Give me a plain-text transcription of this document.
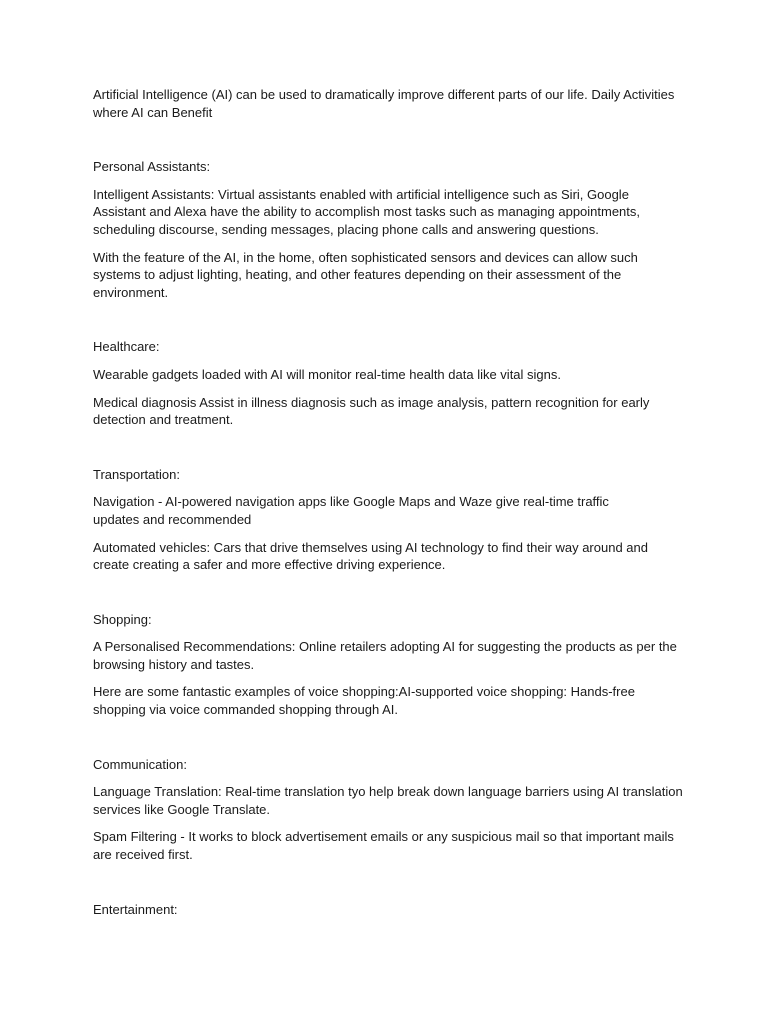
Artificial Intelligence (AI) can be used to dramatically improve different parts of our life. Daily Activities where AI can Benefit

Personal Assistants:

Intelligent Assistants: Virtual assistants enabled with artificial intelligence such as Siri, Google Assistant and Alexa have the ability to accomplish most tasks such as managing appointments, scheduling discourse, sending messages, placing phone calls and answering questions.

With the feature of the AI, in the home, often sophisticated sensors and devices can allow such systems to adjust lighting, heating, and other features depending on their assessment of the environment.

Healthcare:

Wearable gadgets loaded with AI will monitor real-time health data like vital signs.

Medical diagnosis Assist in illness diagnosis such as image analysis, pattern recognition for early detection and treatment.

Transportation:

Navigation - AI-powered navigation apps like Google Maps and Waze give real-time traffic updates and recommended

Automated vehicles: Cars that drive themselves using AI technology to find their way around and create creating a safer and more effective driving experience.

Shopping:

A Personalised Recommendations: Online retailers adopting AI for suggesting the products as per the browsing history and tastes.

Here are some fantastic examples of voice shopping:AI-supported voice shopping: Hands-free shopping via voice commanded shopping through AI.

Communication:

Language Translation: Real-time translation tyo help break down language barriers using AI translation services like Google Translate.

Spam Filtering - It works to block advertisement emails or any suspicious mail so that important mails are received first.

Entertainment:
